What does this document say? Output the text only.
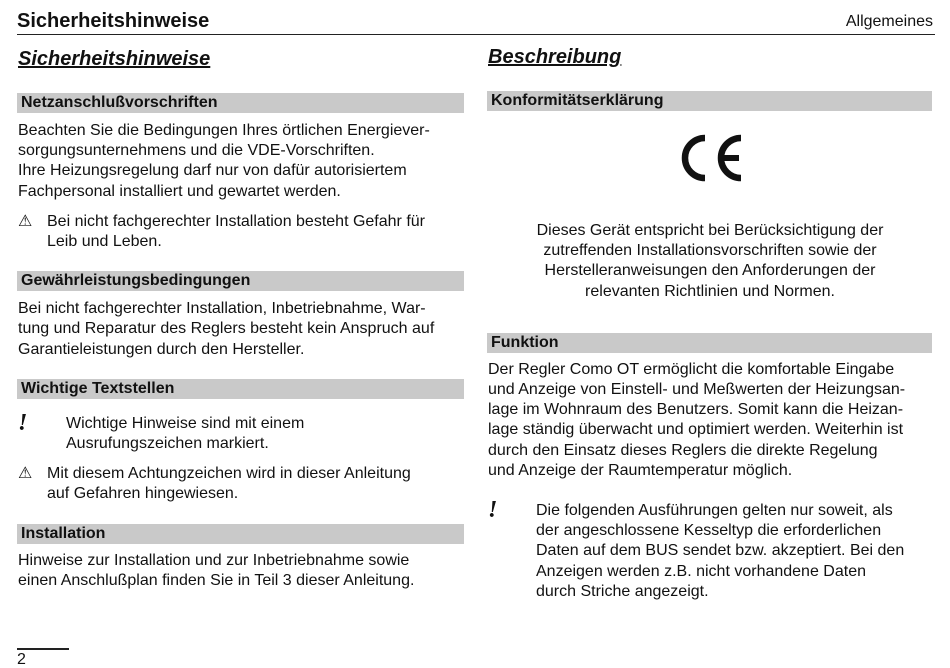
Sicherheitshinweise	Allgemeines
Sicherheitshinweise
Netzanschlußvorschriften
Beachten Sie die Bedingungen Ihres örtlichen Energiever-
sorgungsunternehmens und die VDE-Vorschriften.
Ihre Heizungsregelung darf nur von dafür autorisiertem
Fachpersonal installiert und gewartet werden.
⚠ Bei nicht fachgerechter Installation besteht Gefahr für
Leib und Leben.
Gewährleistungsbedingungen
Bei nicht fachgerechter Installation, Inbetriebnahme, War-
tung und Reparatur des Reglers besteht kein Anspruch auf
Garantieleistungen durch den Hersteller.
Wichtige Textstellen
! Wichtige Hinweise sind mit einem
Ausrufungszeichen markiert.
⚠ Mit diesem Achtungzeichen wird in dieser Anleitung
auf Gefahren hingewiesen.
Installation
Hinweise zur Installation und zur Inbetriebnahme sowie
einen Anschlußplan finden Sie in Teil 3 dieser Anleitung.
Beschreibung
Konformitätserklärung
Dieses Gerät entspricht bei Berücksichtigung der
zutreffenden Installationsvorschriften sowie der
Herstelleranweisungen den Anforderungen der
relevanten Richtlinien und Normen.
Funktion
Der Regler Como OT ermöglicht die komfortable Eingabe
und Anzeige von Einstell- und Meßwerten der Heizungsan-
lage im Wohnraum des Benutzers. Somit kann die Heizan-
lage ständig überwacht und optimiert werden. Weiterhin ist
durch den Einsatz dieses Reglers die direkte Regelung
und Anzeige der Raumtemperatur möglich.
! Die folgenden Ausführungen gelten nur soweit, als
der angeschlossene Kesseltyp die erforderlichen
Daten auf dem BUS sendet bzw. akzeptiert. Bei den
Anzeigen werden z.B. nicht vorhandene Daten
durch Striche angezeigt.
2
